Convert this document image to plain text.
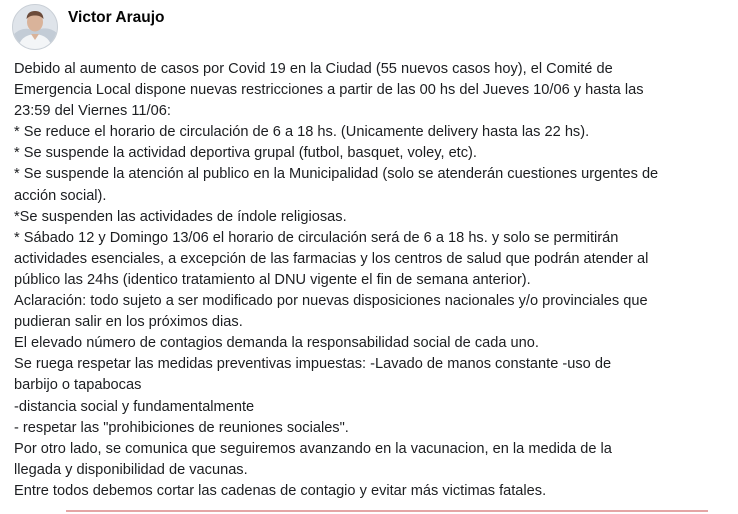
Victor Araujo
Debido al aumento de casos por Covid 19 en la Ciudad (55 nuevos casos hoy), el Comité de
Emergencia Local dispone nuevas restricciones a partir de las 00 hs del Jueves 10/06 y hasta las
23:59 del Viernes 11/06:
* Se reduce el horario de circulación de 6 a 18 hs. (Unicamente delivery hasta las 22 hs).
* Se suspende la actividad deportiva grupal (futbol, basquet, voley, etc).
* Se suspende la atención al publico en la Municipalidad (solo se atenderán cuestiones urgentes de
acción social).
*Se suspenden las actividades de índole religiosas.
* Sábado 12 y Domingo 13/06 el horario de circulación será de 6 a 18 hs. y solo se permitirán
actividades esenciales, a excepción de las farmacias y los centros de salud que podrán atender al
público las 24hs (identico tratamiento al DNU vigente el fin de semana anterior).
Aclaración: todo sujeto a ser modificado por nuevas disposiciones nacionales y/o provinciales que
pudieran salir en los próximos dias.
El elevado número de contagios demanda la responsabilidad social de cada uno.
Se ruega respetar las medidas preventivas impuestas: -Lavado de manos constante -uso de
barbijo o tapabocas
-distancia social y fundamentalmente
- respetar las "prohibiciones de reuniones sociales".
Por otro lado, se comunica que seguiremos avanzando en la vacunacion, en la medida de la
llegada y disponibilidad de vacunas.
Entre todos debemos cortar las cadenas de contagio y evitar más victimas fatales.
